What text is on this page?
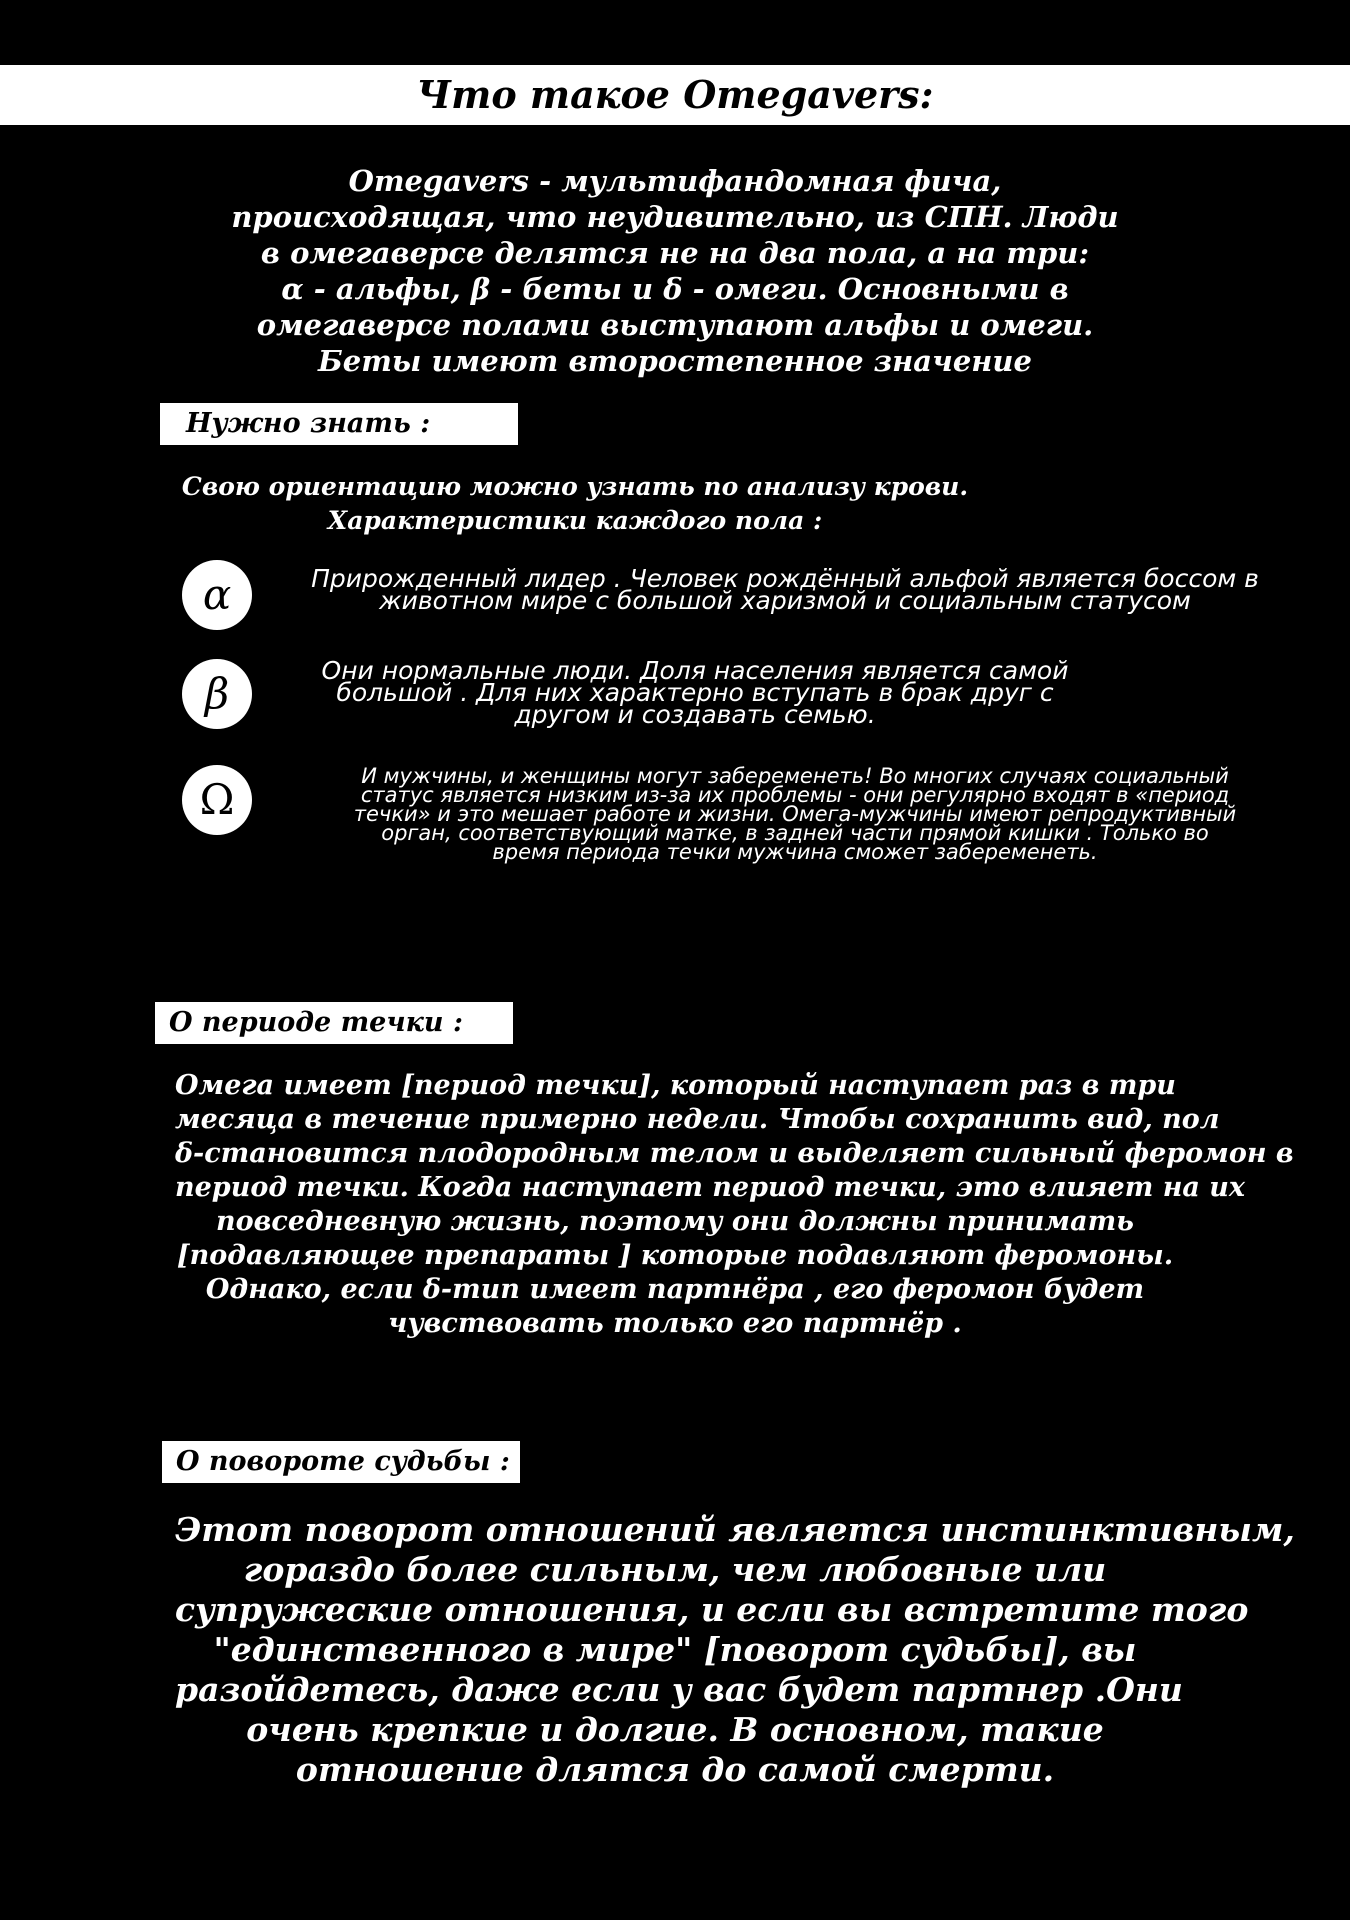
Что такое Omegavers:

Omegavers - мультифандомная фича,

происходящая, что неудивительно, из СПН. Люди

в омегаверсе делятся не на два пола, а на три:

α - альфы, β - беты и δ - омеги. Основными в

омегаверсе полами выступают альфы и омеги.

Беты имеют второстепенное значение

Нужно знать :

Свою ориентацию можно узнать по анализу крови.

Характеристики каждого пола :

α	Прирожденный лидер . Человек рождённый альфой является боссом в

животном мире с большой харизмой и социальным статусом

β	Они нормальные люди. Доля населения является самой

большой . Для них характерно вступать в брак друг с

другом и создавать семью.

Ω	И мужчины, и женщины могут забеременеть! Во многих случаях социальный

статус является низким из-за их проблемы - они регулярно входят в «период

течки» и это мешает работе и жизни. Омега-мужчины имеют репродуктивный

орган, соответствующий матке, в задней части прямой кишки . Только во

время периода течки мужчина сможет забеременеть.

О периоде течки :

Омега имеет [период течки], который наступает раз в три

месяца в течение примерно недели. Чтобы сохранить вид, пол

δ-становится плодородным телом и выделяет сильный феромон в

период течки. Когда наступает период течки, это влияет на их

повседневную жизнь, поэтому они должны принимать

[подавляющее препараты ] которые подавляют феромоны.

Однако, если δ-тип имеет партнёра , его феромон будет

чувствовать только его партнёр .

О повороте судьбы :

Этот поворот отношений является инстинктивным,

гораздо более сильным, чем любовные или

супружеские отношения, и если вы встретите того

"единственного в мире" [поворот судьбы], вы

разойдетесь, даже если у вас будет партнер .Они

очень крепкие и долгие. В основном, такие

отношение длятся до самой смерти.
